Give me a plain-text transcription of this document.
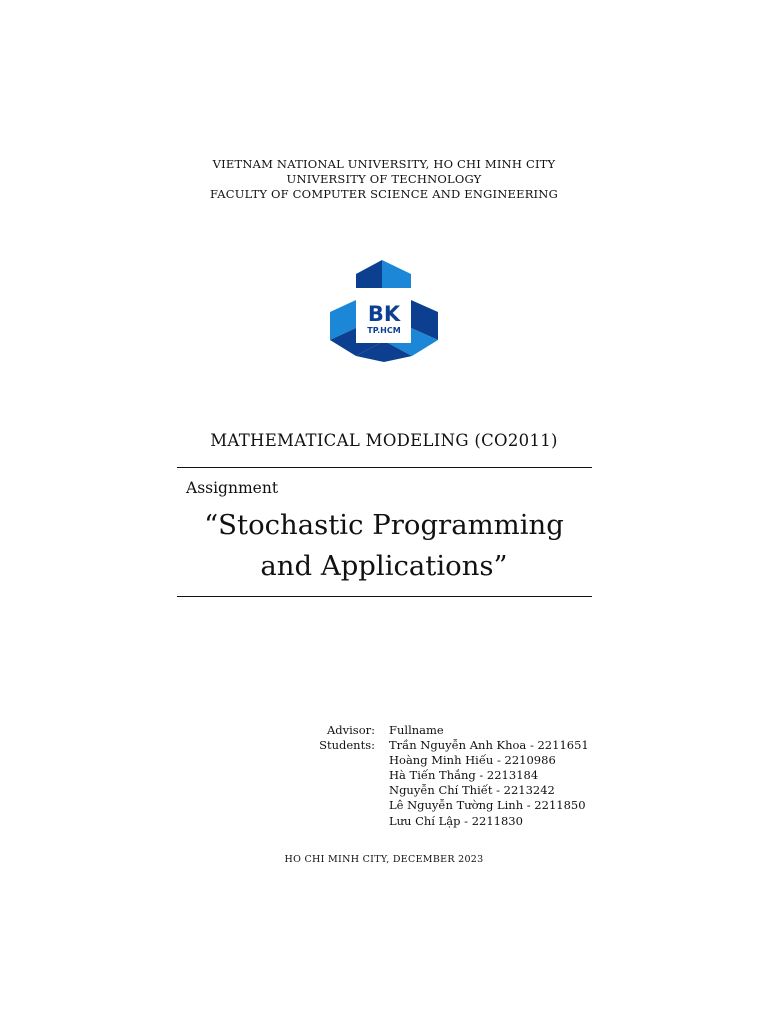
VIETNAM NATIONAL UNIVERSITY, HO CHI MINH CITY
UNIVERSITY OF TECHNOLOGY
FACULTY OF COMPUTER SCIENCE AND ENGINEERING
BK
TP.HCM
MATHEMATICAL MODELING (CO2011)
Assignment
“Stochastic Programming
and Applications”
Advisor:	Fullname
Students:	Trần Nguyễn Anh Khoa - 2211651
Hoàng Minh Hiếu - 2210986
Hà Tiến Thắng - 2213184
Nguyễn Chí Thiết - 2213242
Lê Nguyễn Tường Linh - 2211850
Lưu Chí Lập - 2211830
HO CHI MINH CITY, DECEMBER 2023
